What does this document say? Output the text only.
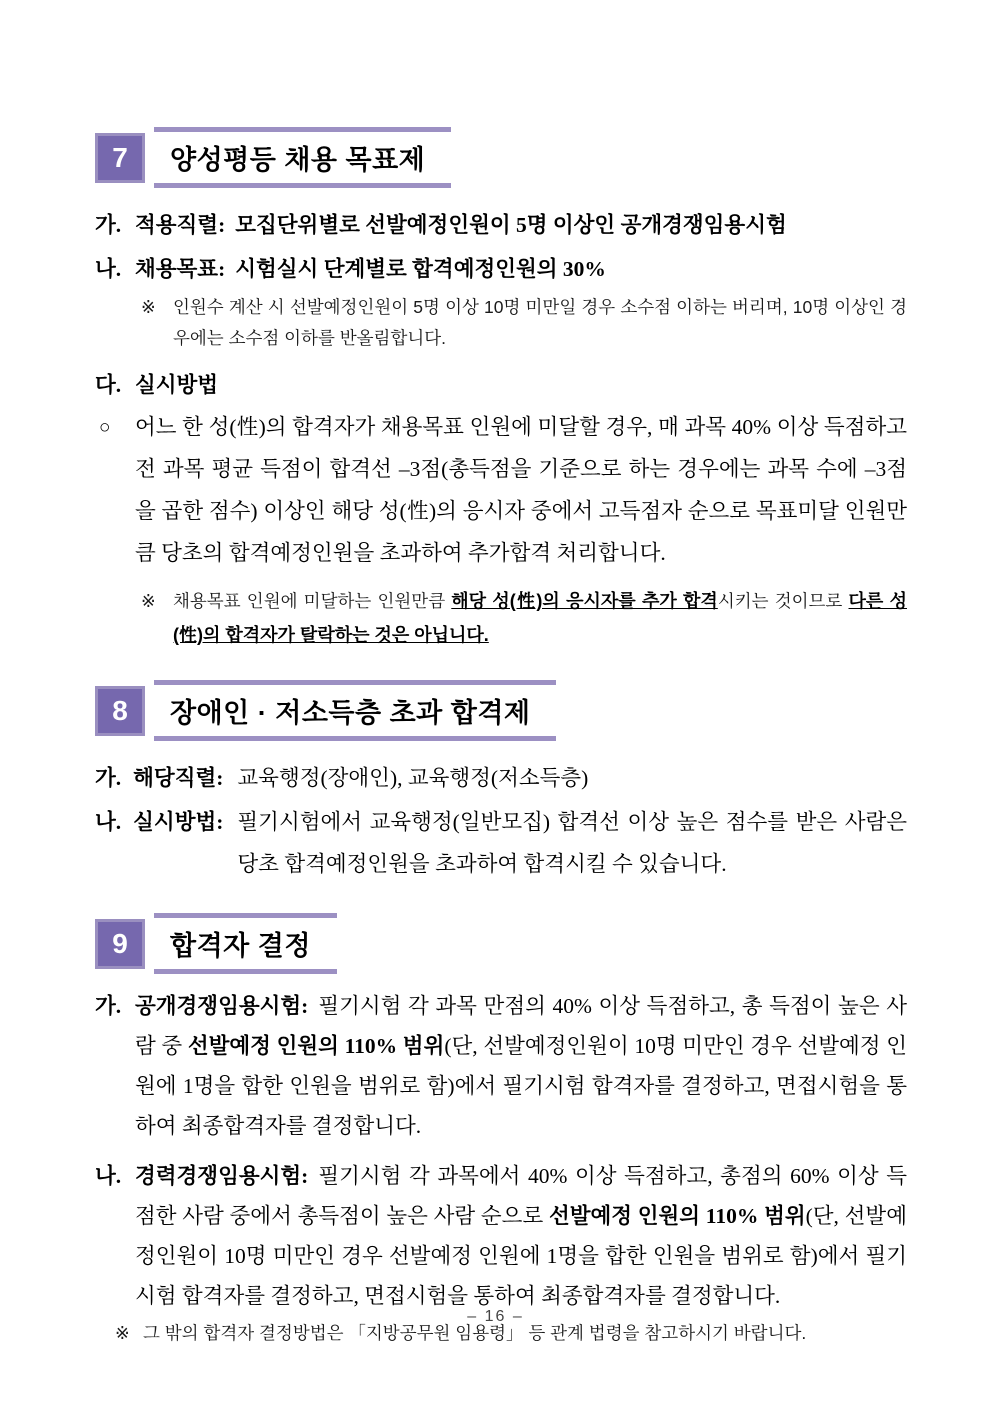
7	양성평등 채용 목표제
가. 적용직렬: 모집단위별로 선발예정인원이 5명 이상인 공개경쟁임용시험
나. 채용목표: 시험실시 단계별로 합격예정인원의 30%
※ 인원수 계산 시 선발예정인원이 5명 이상 10명 미만일 경우 소수점 이하는 버리며, 10명 이상인 경우에는 소수점 이하를 반올림합니다.
다. 실시방법
○ 어느 한 성(性)의 합격자가 채용목표 인원에 미달할 경우, 매 과목 40% 이상 득점하고 전 과목 평균 득점이 합격선 –3점(총득점을 기준으로 하는 경우에는 과목 수에 –3점을 곱한 점수) 이상인 해당 성(性)의 응시자 중에서 고득점자 순으로 목표미달 인원만큼 당초의 합격예정인원을 초과하여 추가합격 처리합니다.
※ 채용목표 인원에 미달하는 인원만큼 해당 성(性)의 응시자를 추가 합격시키는 것이므로 다른 성(性)의 합격자가 탈락하는 것은 아닙니다.
8	장애인 · 저소득층 초과 합격제
가. 해당직렬: 교육행정(장애인), 교육행정(저소득층)
나. 실시방법: 필기시험에서 교육행정(일반모집) 합격선 이상 높은 점수를 받은 사람은 당초 합격예정인원을 초과하여 합격시킬 수 있습니다.
9	합격자 결정
가. 공개경쟁임용시험: 필기시험 각 과목 만점의 40% 이상 득점하고, 총 득점이 높은 사람 중 선발예정 인원의 110% 범위(단, 선발예정인원이 10명 미만인 경우 선발예정 인원에 1명을 합한 인원을 범위로 함)에서 필기시험 합격자를 결정하고, 면접시험을 통하여 최종합격자를 결정합니다.
나. 경력경쟁임용시험: 필기시험 각 과목에서 40% 이상 득점하고, 총점의 60% 이상 득점한 사람 중에서 총득점이 높은 사람 순으로 선발예정 인원의 110% 범위(단, 선발예정인원이 10명 미만인 경우 선발예정 인원에 1명을 합한 인원을 범위로 함)에서 필기시험 합격자를 결정하고, 면접시험을 통하여 최종합격자를 결정합니다.
※ 그 밖의 합격자 결정방법은 「지방공무원 임용령」 등 관계 법령을 참고하시기 바랍니다.
– 16 –
